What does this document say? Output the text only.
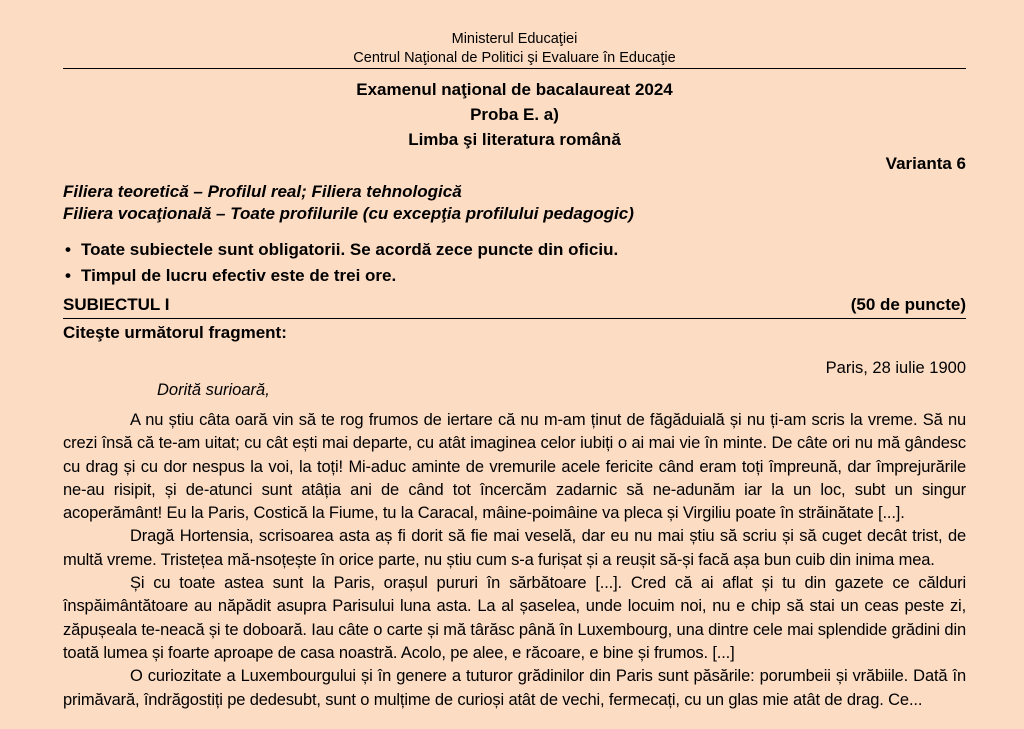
Ministerul Educaţiei
Centrul Naţional de Politici şi Evaluare în Educaţie
Examenul naţional de bacalaureat 2024
Proba E. a)
Limba şi literatura română
Varianta 6
Filiera teoretică – Profilul real; Filiera tehnologică
Filiera vocaţională – Toate profilurile (cu excepţia profilului pedagogic)
• Toate subiectele sunt obligatorii. Se acordă zece puncte din oficiu.
• Timpul de lucru efectiv este de trei ore.
SUBIECTUL I	(50 de puncte)
Citeşte următorul fragment:
Paris, 28 iulie 1900
Dorită surioară,

A nu știu câta oară vin să te rog frumos de iertare că nu m-am ținut de făgăduială și nu ți-am scris la vreme. Să nu crezi însă că te-am uitat; cu cât ești mai departe, cu atât imaginea celor iubiți o ai mai vie în minte. De câte ori nu mă gândesc cu drag și cu dor nespus la voi, la toți! Mi-aduc aminte de vremurile acele fericite când eram toți împreună, dar împrejurările ne-au risipit, și de-atunci sunt atâția ani de când tot încercăm zadarnic să ne-adunăm iar la un loc, subt un singur acoperământ! Eu la Paris, Costică la Fiume, tu la Caracal, mâine-poimâine va pleca și Virgiliu poate în străinătate [...].

Dragă Hortensia, scrisoarea asta aș fi dorit să fie mai veselă, dar eu nu mai știu să scriu și să cuget decât trist, de multă vreme. Tristețea mă-nsoțește în orice parte, nu știu cum s-a furișat și a reușit să-și facă așa bun cuib din inima mea.

Și cu toate astea sunt la Paris, orașul pururi în sărbătoare [...]. Cred că ai aflat și tu din gazete ce călduri înspăimântătoare au năpădit asupra Parisului luna asta. La al șaselea, unde locuim noi, nu e chip să stai un ceas peste zi, zăpușeala te-neacă și te doboară. Iau câte o carte și mă târăsc până în Luxembourg, una dintre cele mai splendide grădini din toată lumea și foarte aproape de casa noastră. Acolo, pe alee, e răcoare, e bine și frumos. [...]

O curiozitate a Luxembourgului și în genere a tuturor grădinilor din Paris sunt păsările: porumbeii și vrăbiile. Dată în primăvară, îndrăgostiți pe dedesubt, sunt o mulțime de curioși atât de vechi, fermecați, cu un glas mie atât de drag. Ce...
